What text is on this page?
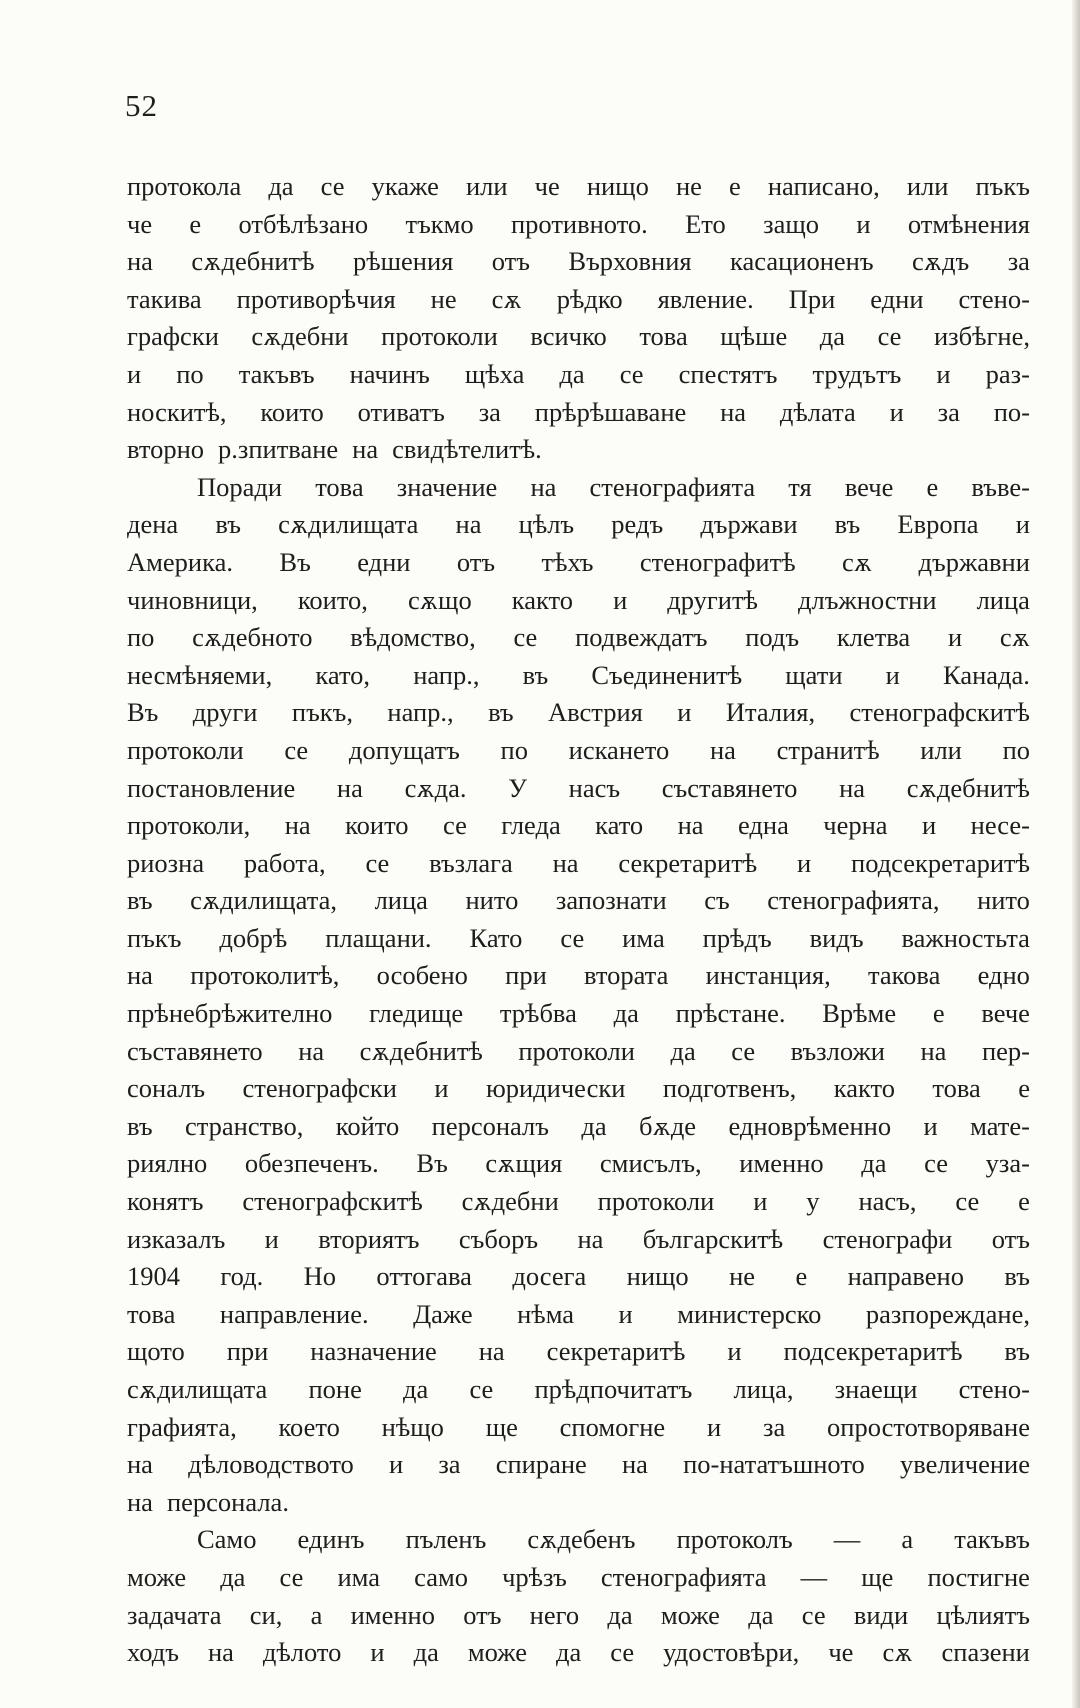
52
протокола да се укаже или че нищо не е написано, или пъкъ
че е отбѣлѣзано тъкмо противното. Ето защо и отмѣнения
на сѫдебнитѣ рѣшения отъ Върховния касационенъ сѫдъ за
такива противорѣчия не сѫ рѣдко явление. При едни стено-
графски сѫдебни протоколи всичко това щѣше да се избѣгне,
и по такъвъ начинъ щѣха да се спестятъ трудътъ и раз-
носкитѣ, които отиватъ за прѣрѣшаване на дѣлата и за по-
вторно р.зпитване на свидѣтелитѣ.
Поради това значение на стенографията тя вече е въве-
дена въ сѫдилищата на цѣлъ редъ държави въ Европа и
Америка. Въ едни отъ тѣхъ стенографитѣ сѫ държавни
чиновници, които, сѫщо както и другитѣ длъжностни лица
по сѫдебното вѣдомство, се подвеждатъ подъ клетва и сѫ
несмѣняеми, като, напр., въ Съединенитѣ щати и Канада.
Въ други пъкъ, напр., въ Австрия и Италия, стенографскитѣ
протоколи се допущатъ по искането на странитѣ или по
постановление на сѫда. У насъ съставянето на сѫдебнитѣ
протоколи, на които се гледа като на една черна и несе-
риозна работа, се възлага на секретаритѣ и подсекретаритѣ
въ сѫдилищата, лица нито запознати съ стенографията, нито
пъкъ добрѣ плащани. Като се има прѣдъ видъ важностьта
на протоколитѣ, особено при втората инстанция, такова едно
прѣнебрѣжително гледище трѣбва да прѣстане. Врѣме е вече
съставянето на сѫдебнитѣ протоколи да се възложи на пер-
соналъ стенографски и юридически подготвенъ, както това е
въ странство, който персоналъ да бѫде едноврѣменно и мате-
риялно обезпеченъ. Въ сѫщия смисълъ, именно да се уза-
конятъ стенографскитѣ сѫдебни протоколи и у насъ, се е
изказалъ и вториятъ съборъ на българскитѣ стенографи отъ
1904 год. Но оттогава досега нищо не е направено въ
това направление. Даже нѣма и министерско разпореждане,
щото при назначение на секретаритѣ и подсекретаритѣ въ
сѫдилищата поне да се прѣдпочитатъ лица, знаещи стено-
графията, което нѣщо ще спомогне и за опростотворяване
на дѣловодството и за спиране на по-нататъшното увеличение
на персонала.
Само единъ пъленъ сѫдебенъ протоколъ — а такъвъ
може да се има само чрѣзъ стенографията — ще постигне
задачата си, а именно отъ него да може да се види цѣлиятъ
ходъ на дѣлото и да може да се удостовѣри, че сѫ спазени
